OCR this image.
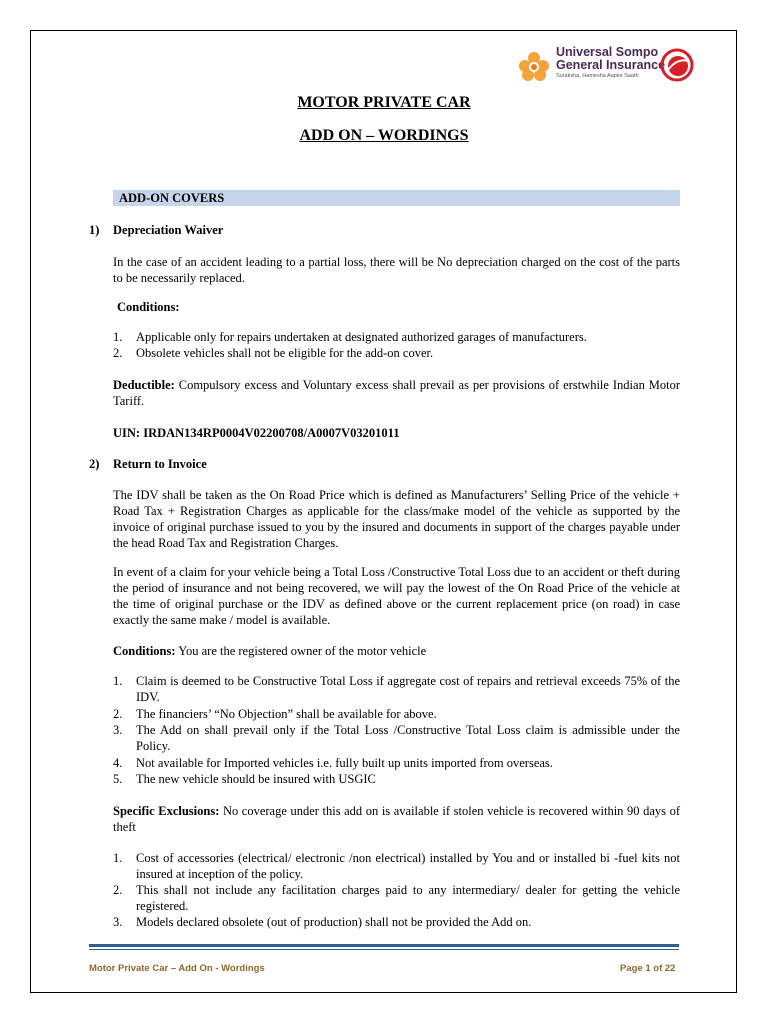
Universal Sompo
General Insurance
Suraksha, Hamesha Aapke Saath
MOTOR PRIVATE CAR
ADD ON – WORDINGS
ADD-ON COVERS
1) Depreciation Waiver
In the case of an accident leading to a partial loss, there will be No depreciation charged on the cost of the parts to be necessarily replaced.
Conditions:
1. Applicable only for repairs undertaken at designated authorized garages of manufacturers.
2. Obsolete vehicles shall not be eligible for the add-on cover.
Deductible: Compulsory excess and Voluntary excess shall prevail as per provisions of erstwhile Indian Motor Tariff.
UIN: IRDAN134RP0004V02200708/A0007V03201011
2) Return to Invoice
The IDV shall be taken as the On Road Price which is defined as Manufacturers’ Selling Price of the vehicle + Road Tax + Registration Charges as applicable for the class/make model of the vehicle as supported by the invoice of original purchase issued to you by the insured and documents in support of the charges payable under the head Road Tax and Registration Charges.
In event of a claim for your vehicle being a Total Loss /Constructive Total Loss due to an accident or theft during the period of insurance and not being recovered, we will pay the lowest of the On Road Price of the vehicle at the time of original purchase or the IDV as defined above or the current replacement price (on road) in case exactly the same make / model is available.
Conditions: You are the registered owner of the motor vehicle
1. Claim is deemed to be Constructive Total Loss if aggregate cost of repairs and retrieval exceeds 75% of the IDV.
2. The financiers’ “No Objection” shall be available for above.
3. The Add on shall prevail only if the Total Loss /Constructive Total Loss claim is admissible under the Policy.
4. Not available for Imported vehicles i.e. fully built up units imported from overseas.
5. The new vehicle should be insured with USGIC
Specific Exclusions: No coverage under this add on is available if stolen vehicle is recovered within 90 days of theft
1. Cost of accessories (electrical/ electronic /non electrical) installed by You and or installed bi -fuel kits not insured at inception of the policy.
2. This shall not include any facilitation charges paid to any intermediary/ dealer for getting the vehicle registered.
3. Models declared obsolete (out of production) shall not be provided the Add on.
Motor Private Car – Add On - Wordings	Page 1 of 22
